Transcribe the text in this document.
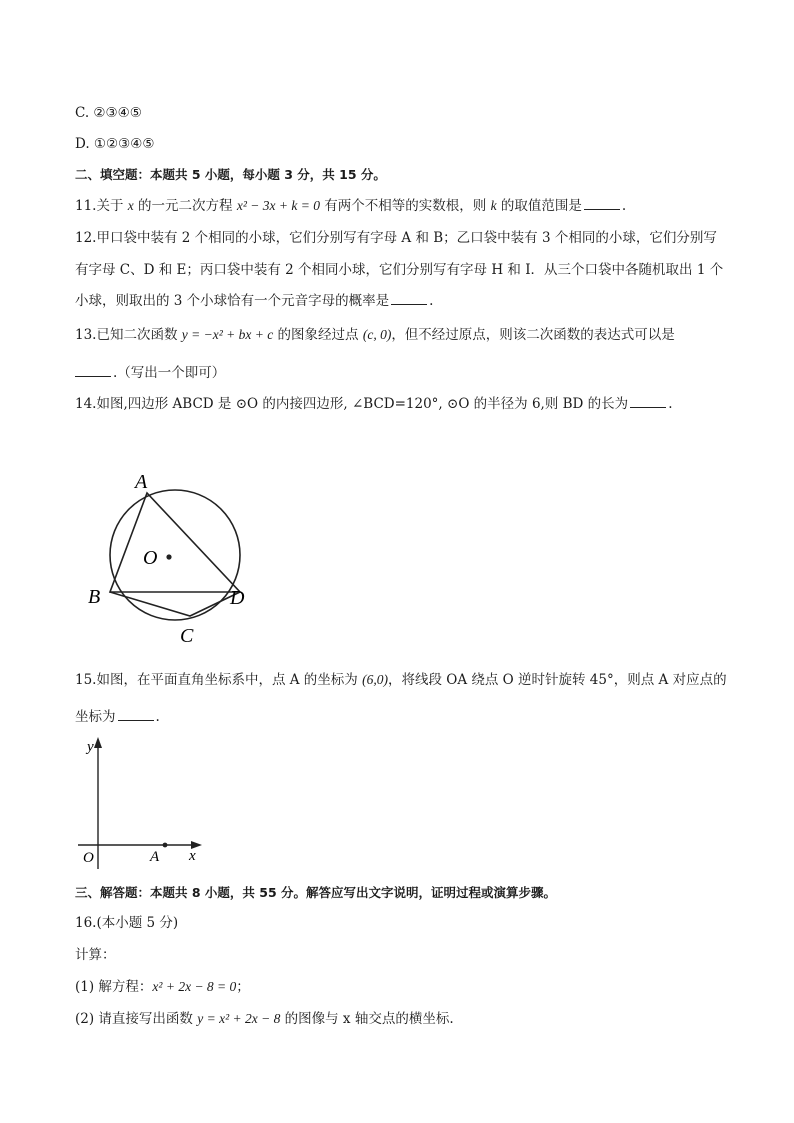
C. ②③④⑤
D. ①②③④⑤
二、填空题：本题共 5 小题，每小题 3 分，共 15 分。
11.关于 x 的一元二次方程 x² − 3x + k = 0 有两个不相等的实数根，则 k 的取值范围是	.
12.甲口袋中装有 2 个相同的小球，它们分别写有字母 A 和 B；乙口袋中装有 3 个相同的小球，它们分别写
有字母 C、D 和 E；丙口袋中装有 2 个相同小球，它们分别写有字母 H 和 I．从三个口袋中各随机取出 1 个
小球，则取出的 3 个小球恰有一个元音字母的概率是	.
13.已知二次函数 y = −x² + bx + c 的图象经过点 (c, 0)，但不经过原点，则该二次函数的表达式可以是
.（写出一个即可）
14.如图,四边形 ABCD 是 ⊙O 的内接四边形, ∠BCD=120°, ⊙O 的半径为 6,则 BD 的长为	.
A
O
B	D
C
15.如图，在平面直角坐标系中，点 A 的坐标为 (6,0)，将线段 OA 绕点 O 逆时针旋转 45°，则点 A 对应点的
坐标为	.
y
x
O	A
三、解答题：本题共 8 小题，共 55 分。解答应写出文字说明，证明过程或演算步骤。
16.(本小题 5 分)
计算：
(1) 解方程：x² + 2x − 8 = 0；
(2) 请直接写出函数 y = x² + 2x − 8 的图像与 x 轴交点的横坐标.
